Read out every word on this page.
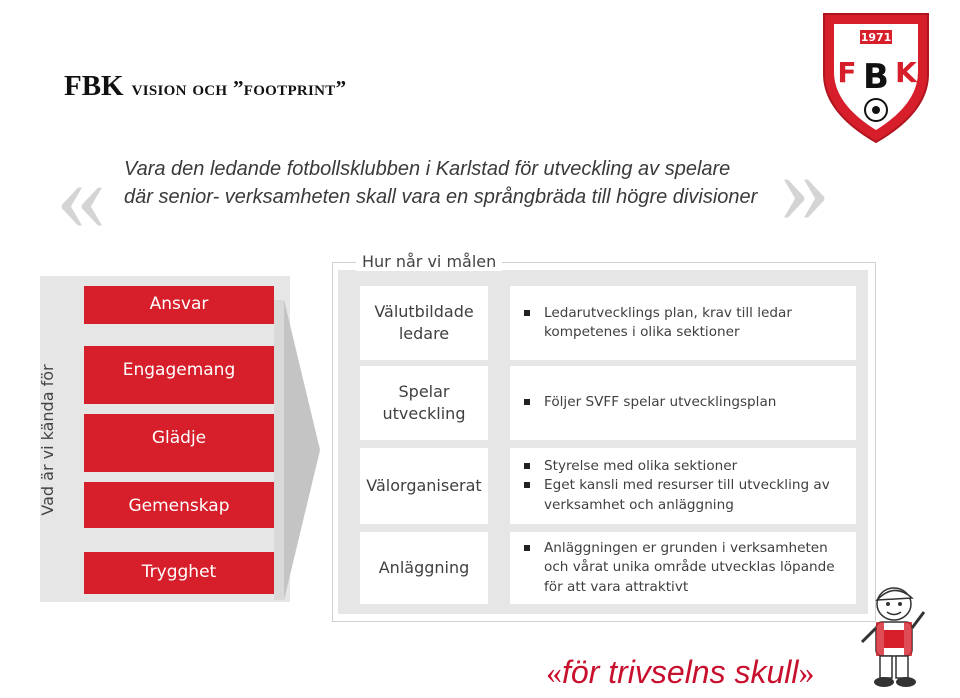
FBK vision och ”footprint”
1971
F B K
«	»
Vara den ledande fotbollsklubben i Karlstad för utveckling av spelare
där senior- verksamheten skall vara en språngbräda till högre divisioner
Vad är vi kända för
Ansvar
Engagemang
Glädje
Gemenskap
Trygghet
Hur når vi målen
Välutbildade
ledare
Spelar
utveckling
Välorganiserat
Anläggning
Ledarutvecklings plan, krav till ledar kompetenes i olika sektioner
Följer SVFF spelar utvecklingsplan
Styrelse med olika sektioner
Eget kansli med resurser till utveckling av verksamhet och anläggning
Anläggningen er grunden i verksamheten och vårat unika område utvecklas löpande för att vara attraktivt
«för trivselns skull»
